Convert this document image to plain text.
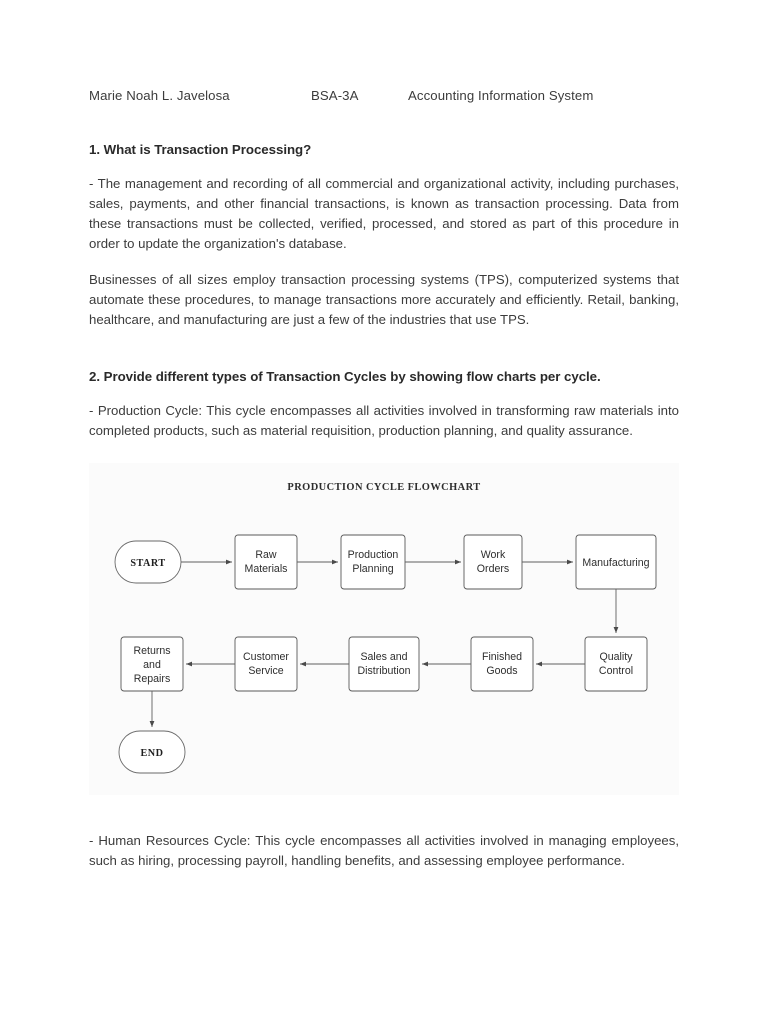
Marie Noah L. Javelosa	BSA-3A	Accounting Information System
1. What is Transaction Processing?

- The management and recording of all commercial and organizational activity, including purchases, sales, payments, and other financial transactions, is known as transaction processing. Data from these transactions must be collected, verified, processed, and stored as part of this procedure in order to update the organization's database.

Businesses of all sizes employ transaction processing systems (TPS), computerized systems that automate these procedures, to manage transactions more accurately and efficiently. Retail, banking, healthcare, and manufacturing are just a few of the industries that use TPS.

2. Provide different types of Transaction Cycles by showing flow charts per cycle.

- Production Cycle: This cycle encompasses all activities involved in transforming raw materials into completed products, such as material requisition, production planning, and quality assurance.

PRODUCTION CYCLE FLOWCHART
START
Raw
Materials
Production
Planning
Work
Orders	Manufacturing
Quality
Control
Finished
Goods
Sales and
Distribution
Customer
Service
Returns
and
Repairs
END

- Human Resources Cycle: This cycle encompasses all activities involved in managing employees, such as hiring, processing payroll, handling benefits, and assessing employee performance.
